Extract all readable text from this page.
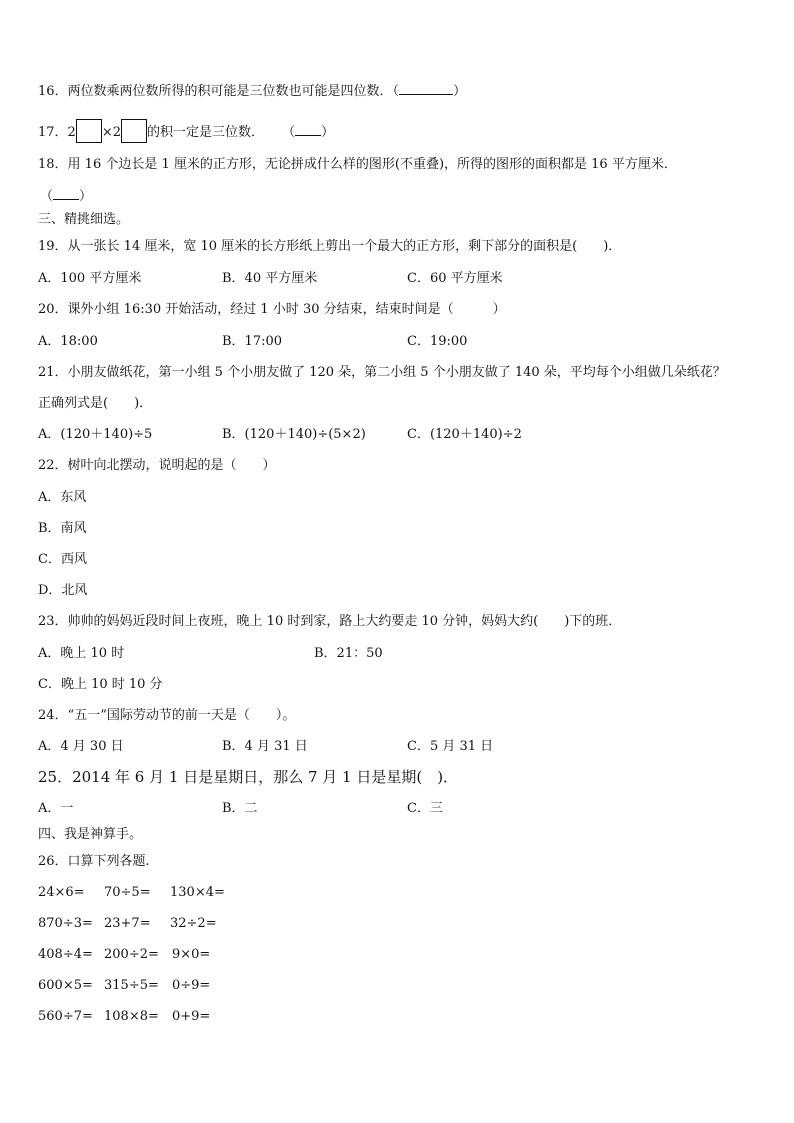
16．两位数乘两位数所得的积可能是三位数也可能是四位数．（	）
17．2 ×2 的积一定是三位数． （ ）
18．用 16 个边长是 1 厘米的正方形，无论拼成什么样的图形(不重叠)，所得的图形的面积都是 16 平方厘米．
（ ）
三、精挑细选。
19．从一张长 14 厘米，宽 10 厘米的长方形纸上剪出一个最大的正方形，剩下部分的面积是(　　)．
A．100 平方厘米	B．40 平方厘米	C．60 平方厘米
20．课外小组 16:30 开始活动，经过 1 小时 30 分结束，结束时间是（　　　）
A．18:00	B．17:00	C．19:00
21．小朋友做纸花，第一小组 5 个小朋友做了 120 朵，第二小组 5 个小朋友做了 140 朵，平均每个小组做几朵纸花？
正确列式是(　　)．
A．(120＋140)÷5	B．(120＋140)÷(5×2)	C．(120＋140)÷2
22．树叶向北摆动，说明起的是（　　）
A．东风
B．南风
C．西风
D．北风
23．帅帅的妈妈近段时间上夜班，晚上 10 时到家，路上大约要走 10 分钟，妈妈大约(　　)下的班．
A．晚上 10 时	B．21：50
C．晚上 10 时 10 分
24．“五一”国际劳动节的前一天是（　　）。
A．4 月 30 日	B．4 月 31 日	C．5 月 31 日
25．2014 年 6 月 1 日是星期日，那么 7 月 1 日是星期(　)．
A．一	B．二	C．三
四、我是神算手。
26．口算下列各题.
24×6= 70÷5= 130×4=
870÷3= 23+7= 32÷2=
408÷4= 200÷2= 9×0=
600×5= 315÷5= 0÷9=
560÷7= 108×8= 0+9=
